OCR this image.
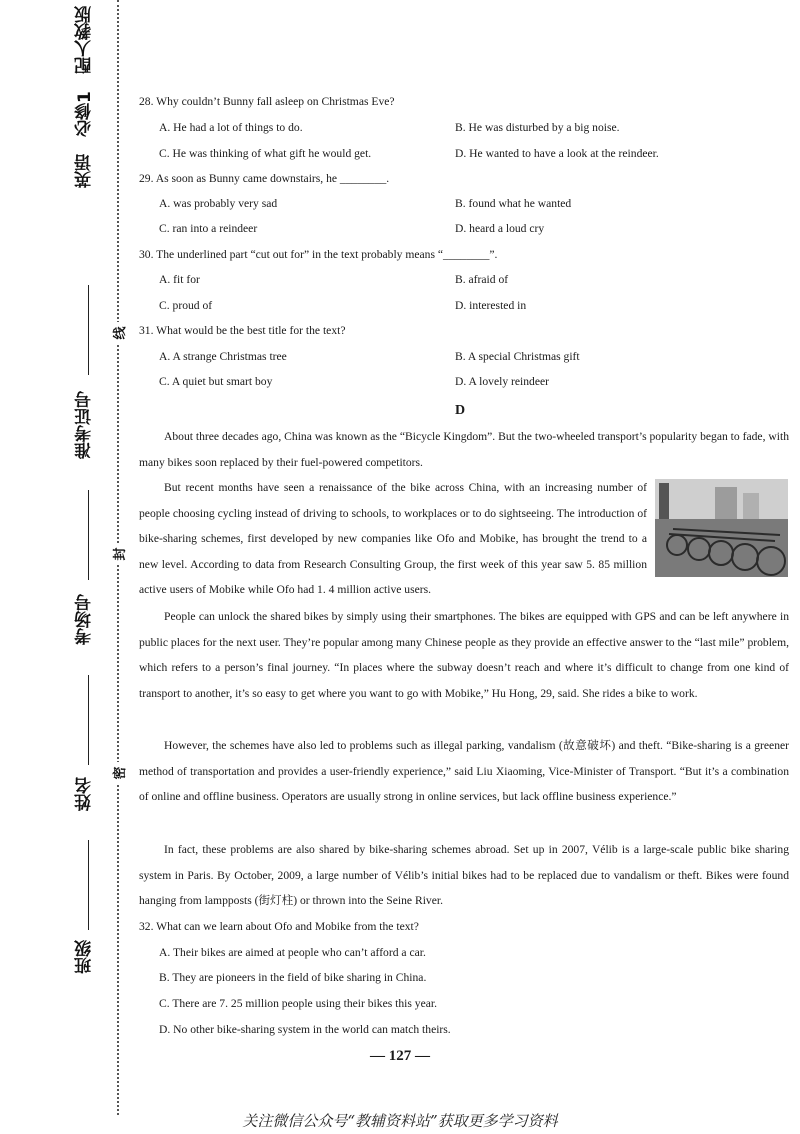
英语　必修1　配人教版
准考证号
考场号
姓名
班级
线
封
密
28. Why couldn’t Bunny fall asleep on Christmas Eve?
A. He had a lot of things to do.	B. He was disturbed by a big noise.
C. He was thinking of what gift he would get.	D. He wanted to have a look at the reindeer.
29. As soon as Bunny came downstairs, he ________.
A. was probably very sad	B. found what he wanted
C. ran into a reindeer	D. heard a loud cry
30. The underlined part “cut out for” in the text probably means “________”.
A. fit for	B. afraid of
C. proud of	D. interested in
31. What would be the best title for the text?
A. A strange Christmas tree	B. A special Christmas gift
C. A quiet but smart boy	D. A lovely reindeer
D
About three decades ago, China was known as the “Bicycle Kingdom”. But the two-wheeled transport’s popularity began to fade, with many bikes soon replaced by their fuel-powered competitors.
But recent months have seen a renaissance of the bike across China, with an increasing number of people choosing cycling instead of driving to schools, to workplaces or to do sightseeing. The introduction of bike-sharing schemes, first developed by new companies like Ofo and Mobike, has brought the trend to a new level. According to data from Research Consulting Group, the first week of this year saw 5. 85 million active users of Mobike while Ofo had 1. 4 million active users.
People can unlock the shared bikes by simply using their smartphones. The bikes are equipped with GPS and can be left anywhere in public places for the next user. They’re popular among many Chinese people as they provide an effective answer to the “last mile” problem, which refers to a person’s final journey. “In places where the subway doesn’t reach and where it’s difficult to change from one kind of transport to another, it’s so easy to get where you want to go with Mobike,” Hu Hong, 29, said. She rides a bike to work.
However, the schemes have also led to problems such as illegal parking, vandalism (故意破坏) and theft. “Bike-sharing is a greener method of transportation and provides a user-friendly experience,” said Liu Xiaoming, Vice-Minister of Transport. “But it’s a combination of online and offline business. Operators are usually strong in online services, but lack offline business experience.”
In fact, these problems are also shared by bike-sharing schemes abroad. Set up in 2007, Vélib is a large-scale public bike sharing system in Paris. By October, 2009, a large number of Vélib’s initial bikes had to be replaced due to vandalism or theft. Bikes were found hanging from lampposts (街灯柱) or thrown into the Seine River.
32. What can we learn about Ofo and Mobike from the text?
A. Their bikes are aimed at people who can’t afford a car.
B. They are pioneers in the field of bike sharing in China.
C. There are 7. 25 million people using their bikes this year.
D. No other bike-sharing system in the world can match theirs.
— 127 —
关注微信公众号“教辅资料站”获取更多学习资料
